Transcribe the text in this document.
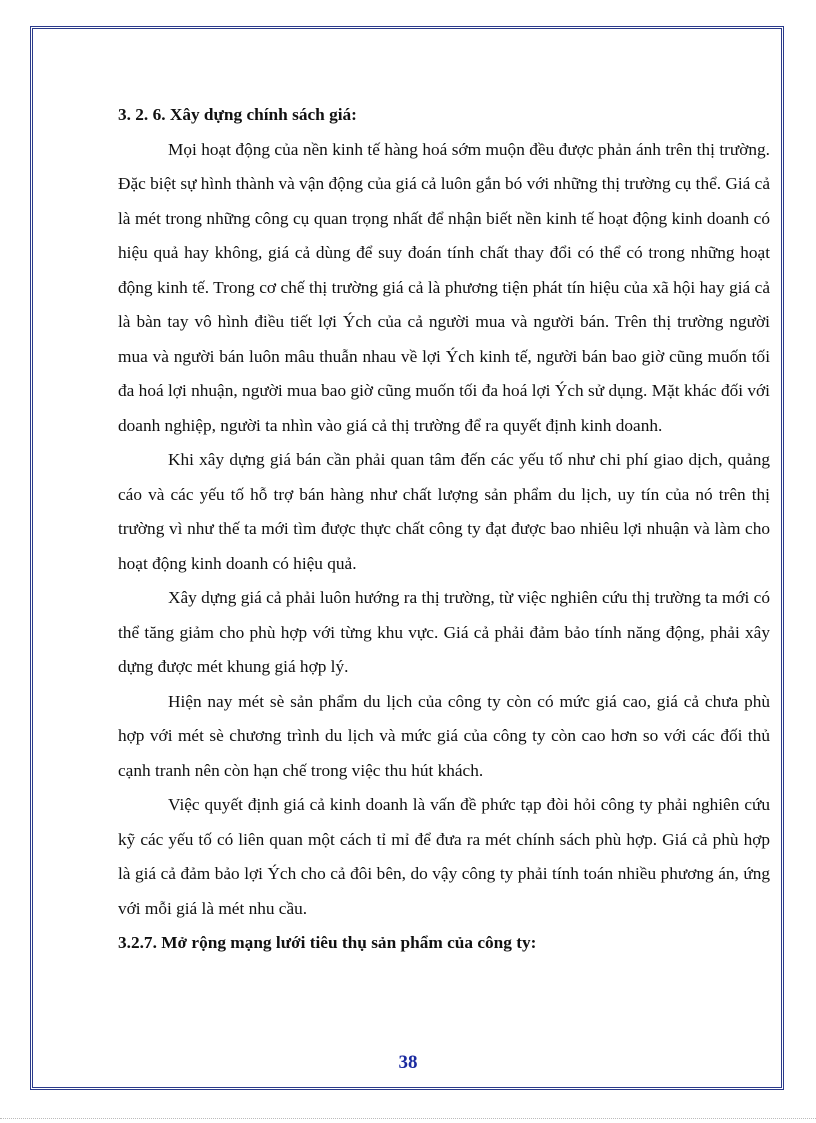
3. 2. 6. Xây dựng chính sách giá:

Mọi hoạt động của nền kinh tế hàng hoá sớm muộn đều được phản ánh trên thị trường. Đặc biệt sự hình thành và vận động của giá cả luôn gắn bó với những thị trường cụ thể. Giá cả là mét trong những công cụ quan trọng nhất để nhận biết nền kinh tế hoạt động kinh doanh có hiệu quả hay không, giá cả dùng để suy đoán tính chất thay đổi có thể có trong những hoạt động kinh tế. Trong cơ chế thị trường giá cả là phương tiện phát tín hiệu của xã hội hay giá cả là bàn tay vô hình điều tiết lợi Ých của cả người mua và người bán. Trên thị trường người mua và người bán luôn mâu thuẫn nhau về lợi Ých kinh tế, người bán bao giờ cũng muốn tối đa hoá lợi nhuận, người mua bao giờ cũng muốn tối đa hoá lợi Ých sử dụng. Mặt khác đối với doanh nghiệp, người ta nhìn vào giá cả thị trường để ra quyết định kinh doanh.

Khi xây dựng giá bán cần phải quan tâm đến các yếu tố như chi phí giao dịch, quảng cáo và các yếu tố hỗ trợ bán hàng như chất lượng sản phẩm du lịch, uy tín của nó trên thị trường vì như thế ta mới tìm được thực chất công ty đạt được bao nhiêu lợi nhuận và làm cho hoạt động kinh doanh có hiệu quả.

Xây dựng giá cả phải luôn hướng ra thị trường, từ việc nghiên cứu thị trường ta mới có thể tăng giảm cho phù hợp với từng khu vực. Giá cả phải đảm bảo tính năng động, phải xây dựng được mét khung giá hợp lý.

Hiện nay mét sè sản phẩm du lịch của công ty còn có mức giá cao, giá cả chưa phù hợp với mét sè chương trình du lịch và mức giá của công ty còn cao hơn so với các đối thủ cạnh tranh nên còn hạn chế trong việc thu hút khách.

Việc quyết định giá cả kinh doanh là vấn đề phức tạp đòi hỏi công ty phải nghiên cứu kỹ các yếu tố có liên quan một cách tỉ mỉ để đưa ra mét chính sách phù hợp. Giá cả phù hợp là giá cả đảm bảo lợi Ých cho cả đôi bên, do vậy công ty phải tính toán nhiều phương án, ứng với mỗi giá là mét nhu cầu.

3.2.7. Mở rộng mạng lưới tiêu thụ sản phẩm của công ty:
38
